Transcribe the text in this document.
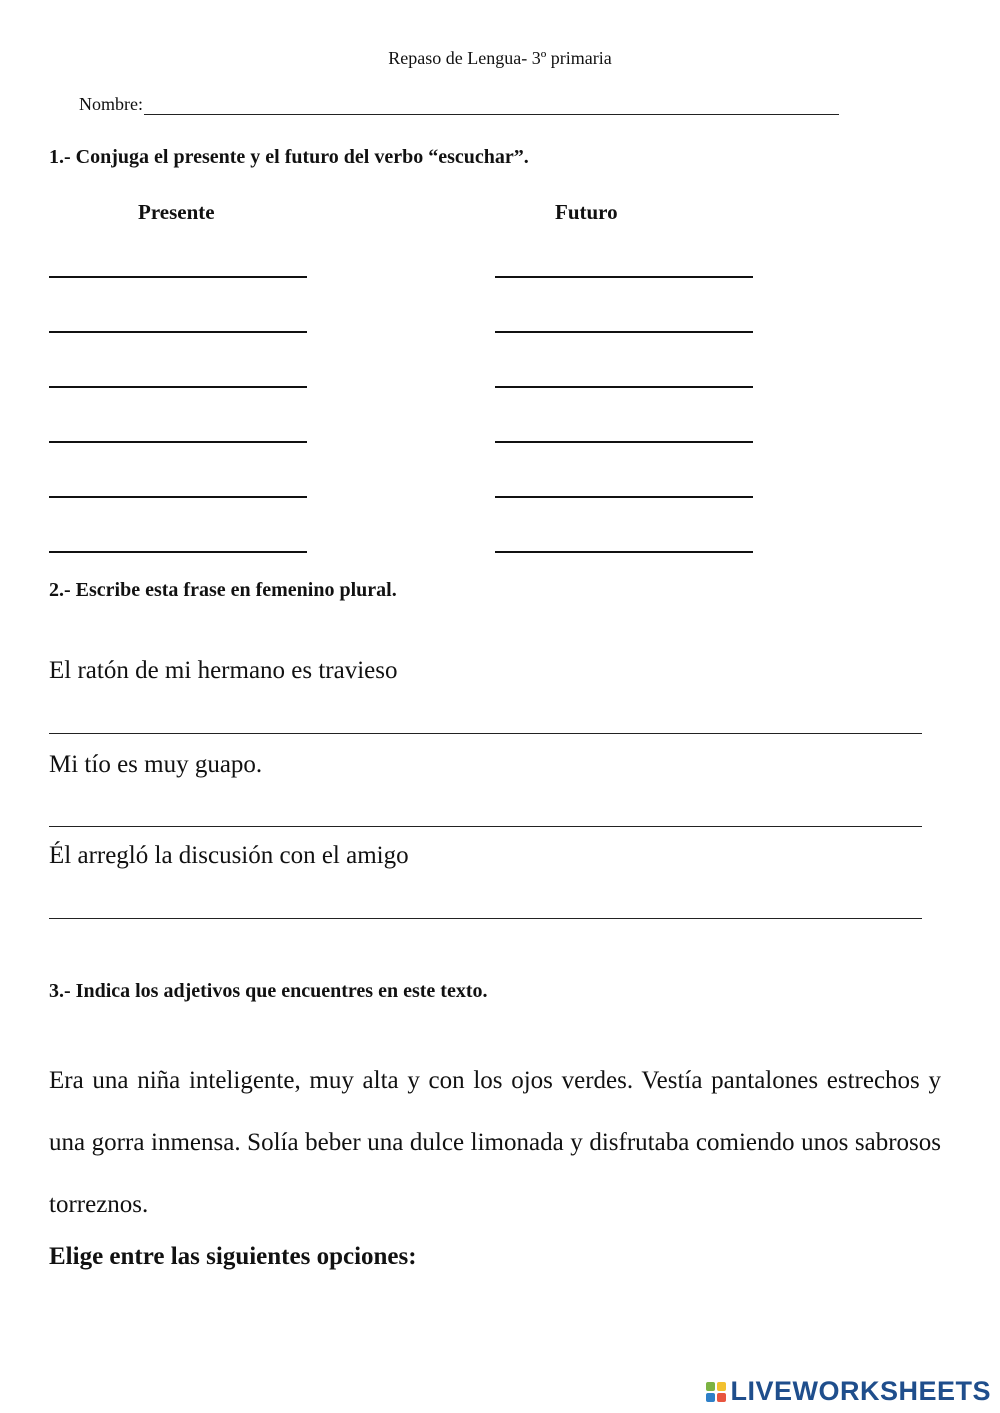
Repaso de Lengua- 3º primaria
Nombre:
1.- Conjuga el presente y el futuro del verbo “escuchar”.
Presente	Futuro
2.- Escribe esta frase en femenino plural.
El ratón de mi hermano es travieso
Mi tío es muy guapo.
Él arregló la discusión con el amigo
3.- Indica los adjetivos que encuentres en este texto.
Era una niña inteligente, muy alta y con los ojos verdes. Vestía pantalones estrechos y una gorra inmensa. Solía beber una dulce limonada y disfrutaba comiendo unos sabrosos torreznos.
Elige entre las siguientes opciones:
LIVEWORKSHEETS
